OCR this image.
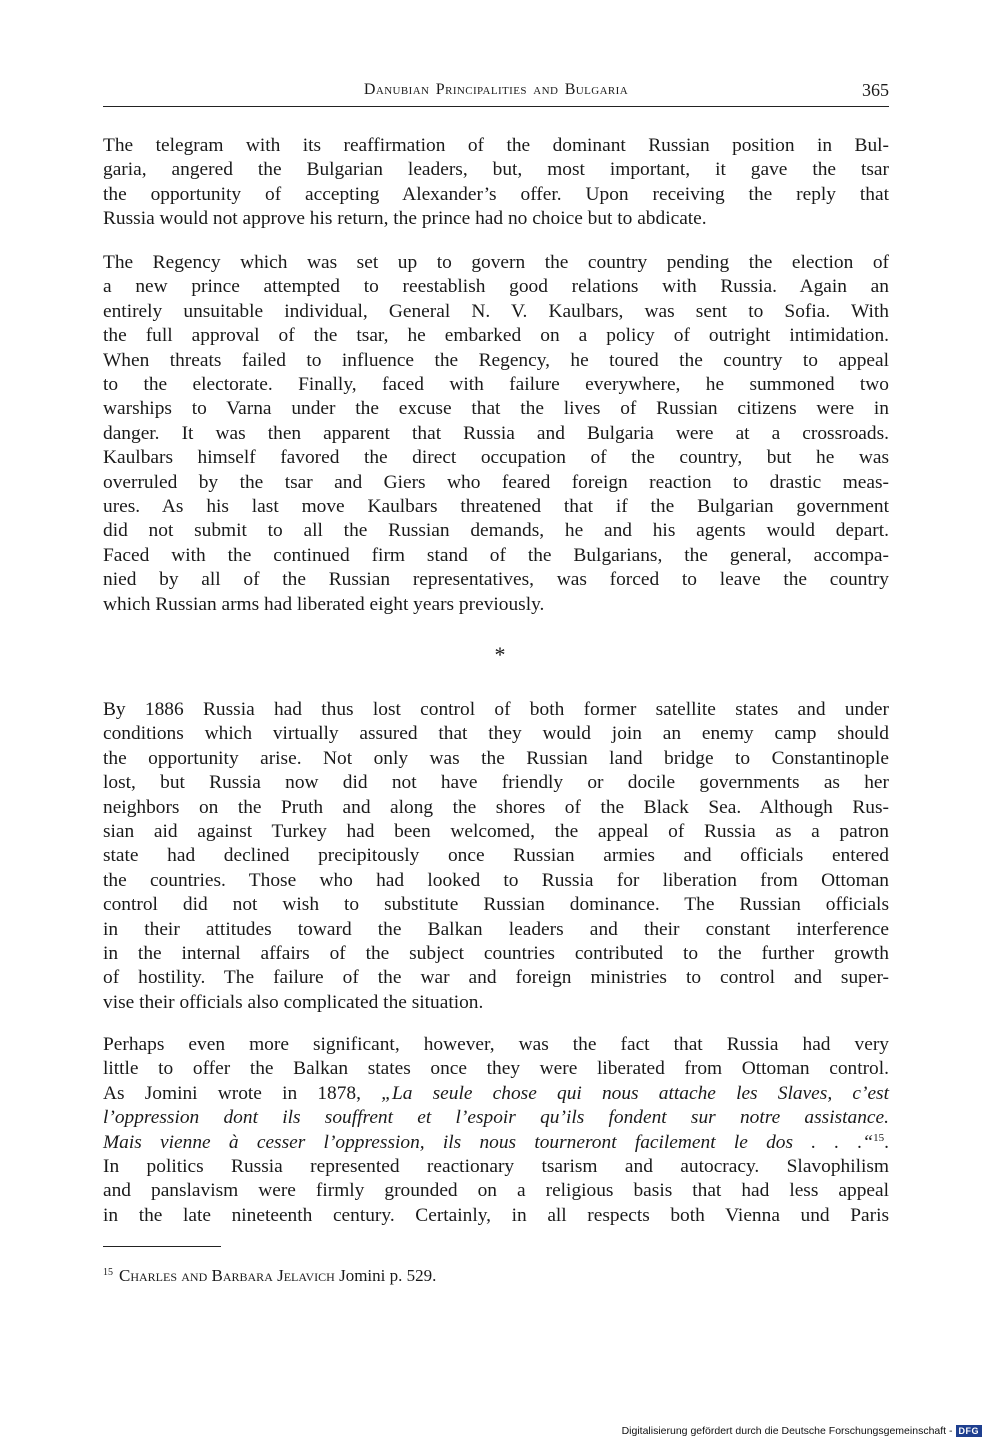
Danubian Principalities and Bulgaria	365

The telegram with its reaffirmation of the dominant Russian position in Bul-
garia, angered the Bulgarian leaders, but, most important, it gave the tsar
the opportunity of accepting Alexander’s offer. Upon receiving the reply that
Russia would not approve his return, the prince had no choice but to abdicate.

The Regency which was set up to govern the country pending the election of
a new prince attempted to reestablish good relations with Russia. Again an
entirely unsuitable individual, General N. V. Kaulbars, was sent to Sofia. With
the full approval of the tsar, he embarked on a policy of outright intimidation.
When threats failed to influence the Regency, he toured the country to appeal
to the electorate. Finally, faced with failure everywhere, he summoned two
warships to Varna under the excuse that the lives of Russian citizens were in
danger. It was then apparent that Russia and Bulgaria were at a crossroads.
Kaulbars himself favored the direct occupation of the country, but he was
overruled by the tsar and Giers who feared foreign reaction to drastic meas-
ures. As his last move Kaulbars threatened that if the Bulgarian government
did not submit to all the Russian demands, he and his agents would depart.
Faced with the continued firm stand of the Bulgarians, the general, accompa-
nied by all of the Russian representatives, was forced to leave the country
which Russian arms had liberated eight years previously.

*

By 1886 Russia had thus lost control of both former satellite states and under
conditions which virtually assured that they would join an enemy camp should
the opportunity arise. Not only was the Russian land bridge to Constantinople
lost, but Russia now did not have friendly or docile governments as her
neighbors on the Pruth and along the shores of the Black Sea. Although Rus-
sian aid against Turkey had been welcomed, the appeal of Russia as a patron
state had declined precipitously once Russian armies and officials entered
the countries. Those who had looked to Russia for liberation from Ottoman
control did not wish to substitute Russian dominance. The Russian officials
in their attitudes toward the Balkan leaders and their constant interference
in the internal affairs of the subject countries contributed to the further growth
of hostility. The failure of the war and foreign ministries to control and super-
vise their officials also complicated the situation.

Perhaps even more significant, however, was the fact that Russia had very
little to offer the Balkan states once they were liberated from Ottoman control.
As Jomini wrote in 1878, „La seule chose qui nous attache les Slaves, c’est
l’oppression dont ils souffrent et l’espoir qu’ils fondent sur notre assistance.
Mais vienne à cesser l’oppression, ils nous tourneront facilement le dos . . .“$^{15}$.
In politics Russia represented reactionary tsarism and autocracy. Slavophilism
and panslavism were firmly grounded on a religious basis that had less appeal
in the late nineteenth century. Certainly, in all respects both Vienna und Paris

$^{15}$ Charles and Barbara Jelavich Jomini p. 529.
Digitalisierung gefördert durch die Deutsche Forschungsgemeinschaft - DFG
